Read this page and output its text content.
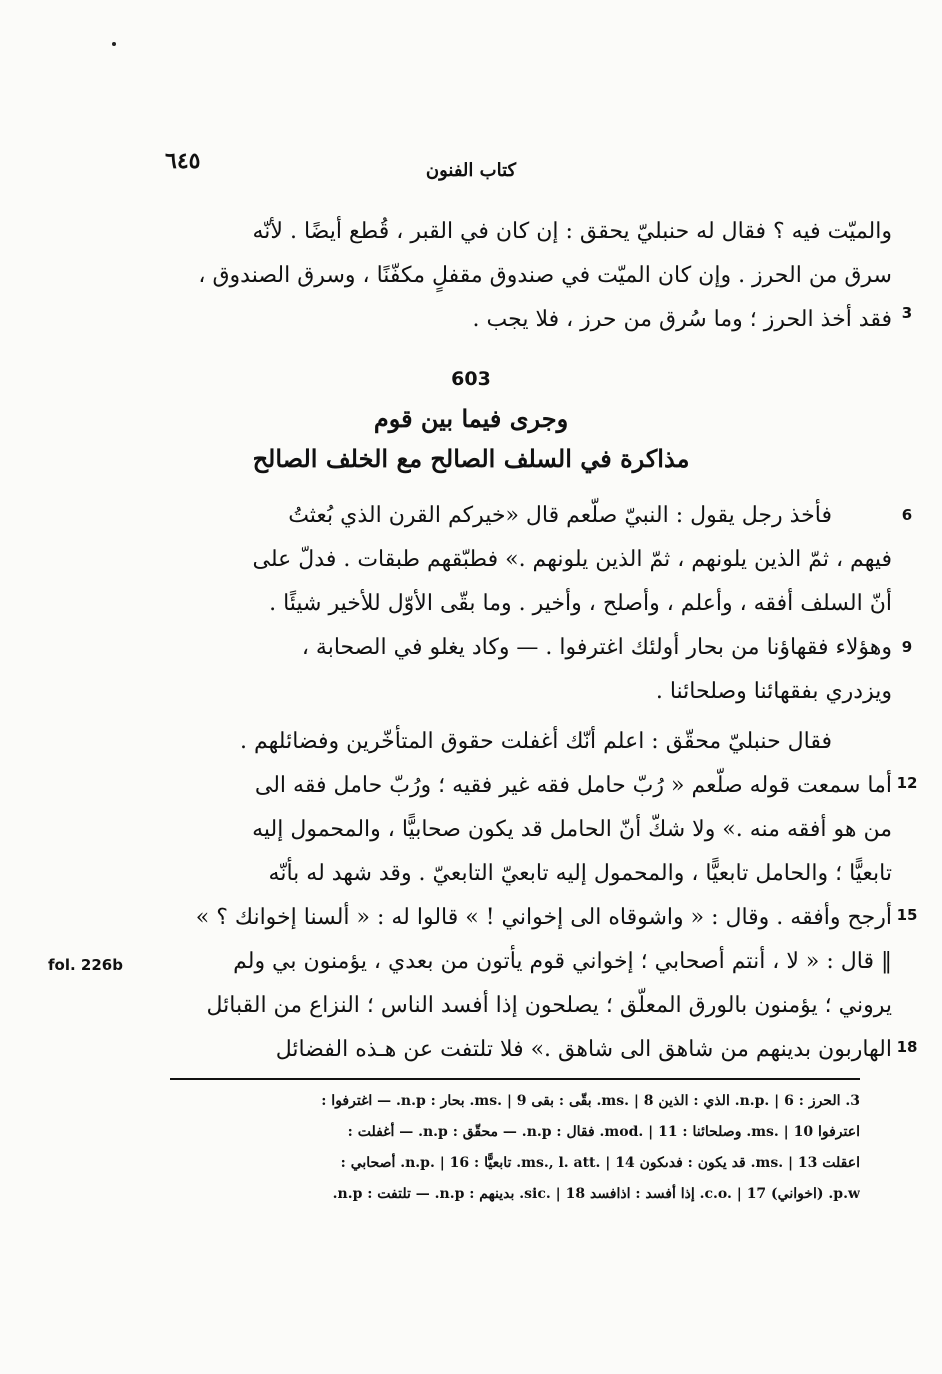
٦٤٥	كتاب الفنون
والميّت فيه ؟ فقال له حنبليّ يحقق : إن كان في القبر ، قُطع أيضًا . لأنّه
سرق من الحرز . وإن كان الميّت في صندوق مقفلٍ مكفّنًا ، وسرق الصندوق ،
فقد أخذ الحرز ؛ وما سُرق من حرز ، فلا يجب .
603
وجرى فيما بين قوم
مذاكرة في السلف الصالح مع الخلف الصالح
فأخذ رجل يقول : النبيّ صلّعم قال «خيركم القرن الذي بُعثتُ
فيهم ، ثمّ الذين يلونهم ، ثمّ الذين يلونهم .» فطبّقهم طبقات . فدلّ على
أنّ السلف أفقه ، وأعلم ، وأصلح ، وأخير . وما بقّى الأوّل للأخير شيئًا .
وهؤلاء فقهاؤنا من بحار أولئك اغترفوا . — وكاد يغلو في الصحابة ،
ويزدري بفقهائنا وصلحائنا .
فقال حنبليّ محقّق : اعلم أنّك أغفلت حقوق المتأخّرين وفضائلهم .
أما سمعت قوله صلّعم « رُبّ حامل فقه غير فقيه ؛ ورُبّ حامل فقه الى
من هو أفقه منه .» ولا شكّ أنّ الحامل قد يكون صحابيًّا ، والمحمول إليه
تابعيًّا ؛ والحامل تابعيًّا ، والمحمول إليه تابعيّ التابعيّ . وقد شهد له بأنّه
أرجح وأفقه . وقال : « واشوقاه الى إخواني ! » قالوا له : « ألسنا إخوانك ؟ »
‖ قال : « لا ، أنتم أصحابي ؛ إخواني قوم يأتون من بعدي ، يؤمنون بي ولم
يروني ؛ يؤمنون بالورق المعلّق ؛ يصلحون إذا أفسد الناس ؛ النزاع من القبائل
الهاربون بدينهم من شاهق الى شاهق .» فلا تلتفت عن هـذه الفضائل
3
6
9
12
15
18
fol. 226b
3. الحرز : n.p. | 6. الذي : الذين ms. | 8. بقّى : بقى ms. | 9. بحار : n.p. — اغترفوا :
اعترفوا ms. | 10. وصلحائنا : mod. | 11. فقال : n.p. — محقّق : n.p. — أغفلت :
اعقلت ms. | 13. قد يكون : فدىكون ms., l. att. | 14. تابعيًّا : n.p. | 16. أصحابي :
p.w. (اخواني) c.o. | 17. إذا أفسد : اذافسد sic. | 18. بدينهم : n.p. — تلتفت : n.p.
